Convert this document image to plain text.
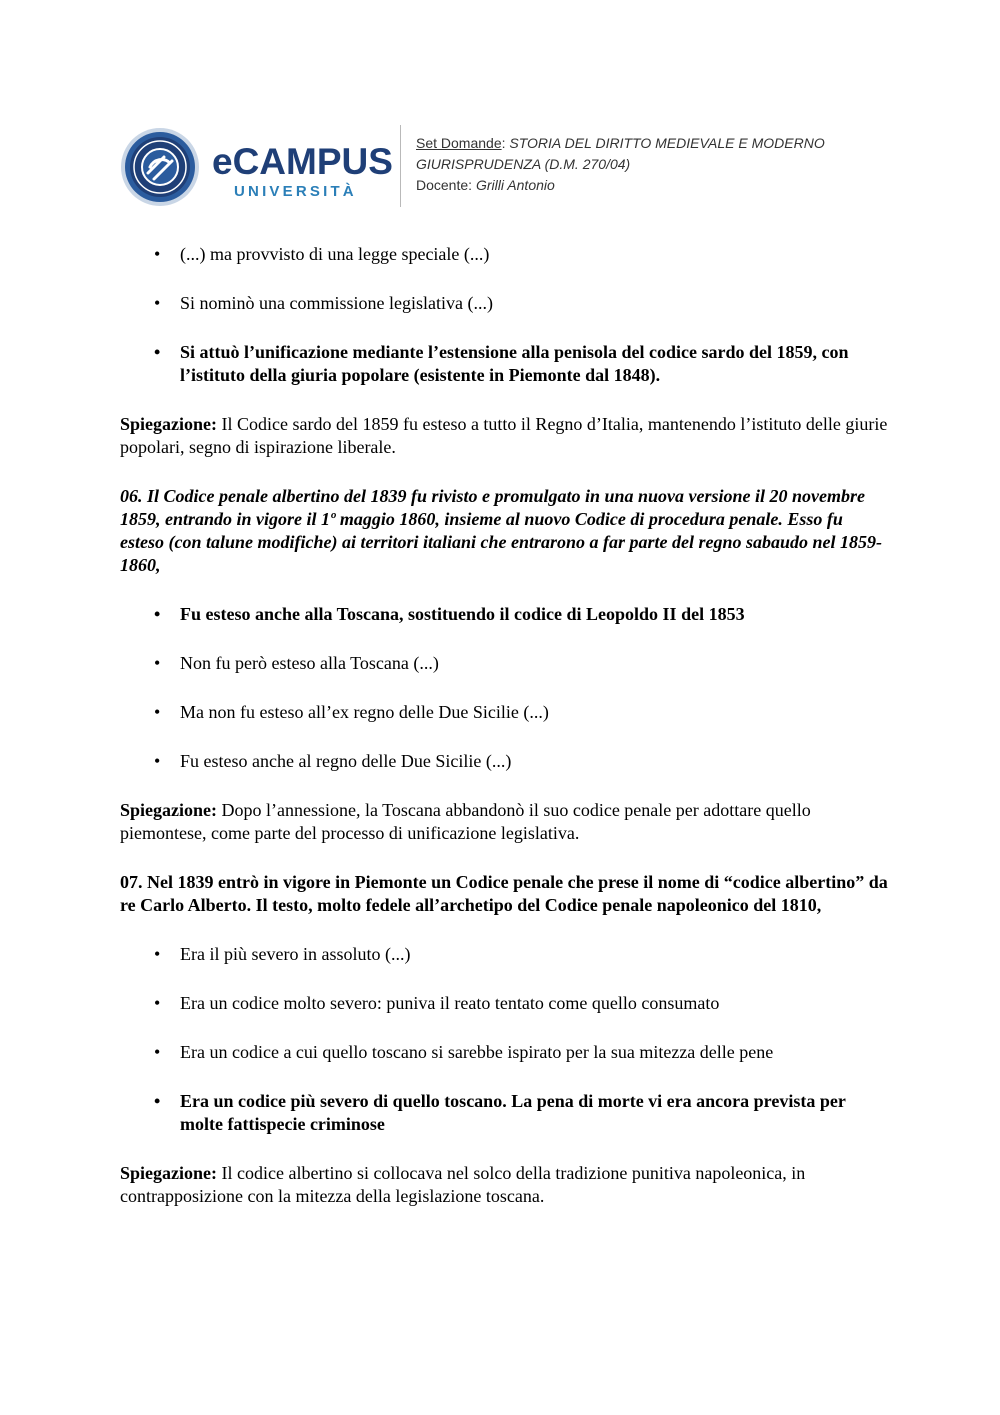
eCAMPUS
UNIVERSITÀ
Set Domande: STORIA DEL DIRITTO MEDIEVALE E MODERNO
GIURISPRUDENZA (D.M. 270/04)
Docente: Grilli Antonio
• (...) ma provvisto di una legge speciale (...)
• Si nominò una commissione legislativa (...)
• Si attuò l’unificazione mediante l’estensione alla penisola del codice sardo del 1859, con l’istituto della giuria popolare (esistente in Piemonte dal 1848).
Spiegazione: Il Codice sardo del 1859 fu esteso a tutto il Regno d’Italia, mantenendo l’istituto delle giurie popolari, segno di ispirazione liberale.
06. Il Codice penale albertino del 1839 fu rivisto e promulgato in una nuova versione il 20 novembre 1859, entrando in vigore il 1º maggio 1860, insieme al nuovo Codice di procedura penale. Esso fu esteso (con talune modifiche) ai territori italiani che entrarono a far parte del regno sabaudo nel 1859-1860,
• Fu esteso anche alla Toscana, sostituendo il codice di Leopoldo II del 1853
• Non fu però esteso alla Toscana (...)
• Ma non fu esteso all’ex regno delle Due Sicilie (...)
• Fu esteso anche al regno delle Due Sicilie (...)
Spiegazione: Dopo l’annessione, la Toscana abbandonò il suo codice penale per adottare quello piemontese, come parte del processo di unificazione legislativa.
07. Nel 1839 entrò in vigore in Piemonte un Codice penale che prese il nome di “codice albertino” da re Carlo Alberto. Il testo, molto fedele all’archetipo del Codice penale napoleonico del 1810,
• Era il più severo in assoluto (...)
• Era un codice molto severo: puniva il reato tentato come quello consumato
• Era un codice a cui quello toscano si sarebbe ispirato per la sua mitezza delle pene
• Era un codice più severo di quello toscano. La pena di morte vi era ancora prevista per molte fattispecie criminose
Spiegazione: Il codice albertino si collocava nel solco della tradizione punitiva napoleonica, in contrapposizione con la mitezza della legislazione toscana.
